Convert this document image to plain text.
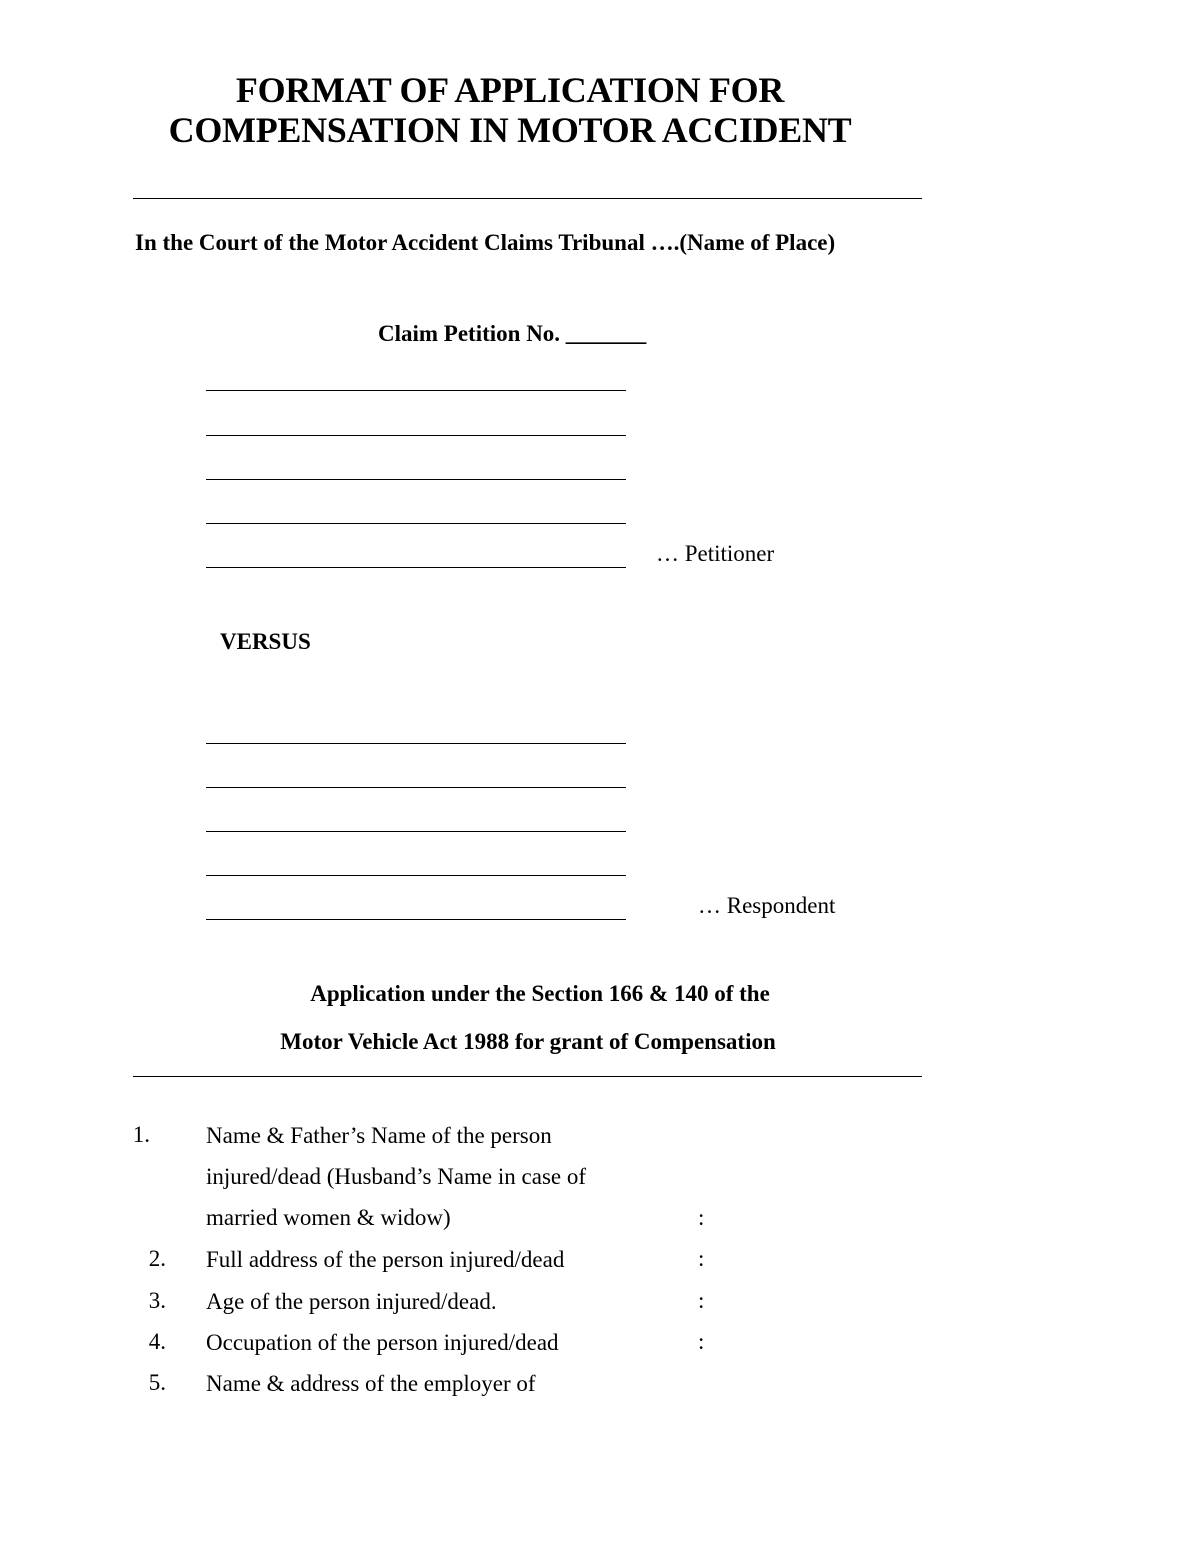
FORMAT OF APPLICATION FOR
COMPENSATION IN MOTOR ACCIDENT
In the Court of the Motor Accident Claims Tribunal ….(Name of Place)
Claim Petition No. _______
… Petitioner
VERSUS
… Respondent
Application under the Section 166 & 140 of the
Motor Vehicle Act 1988 for grant of Compensation
1. Name & Father’s Name of the person injured/dead (Husband’s Name in case of married women & widow)	:
2. Full address of the person injured/dead	:
3. Age of the person injured/dead.	:
4. Occupation of the person injured/dead	:
5. Name & address of the employer of
